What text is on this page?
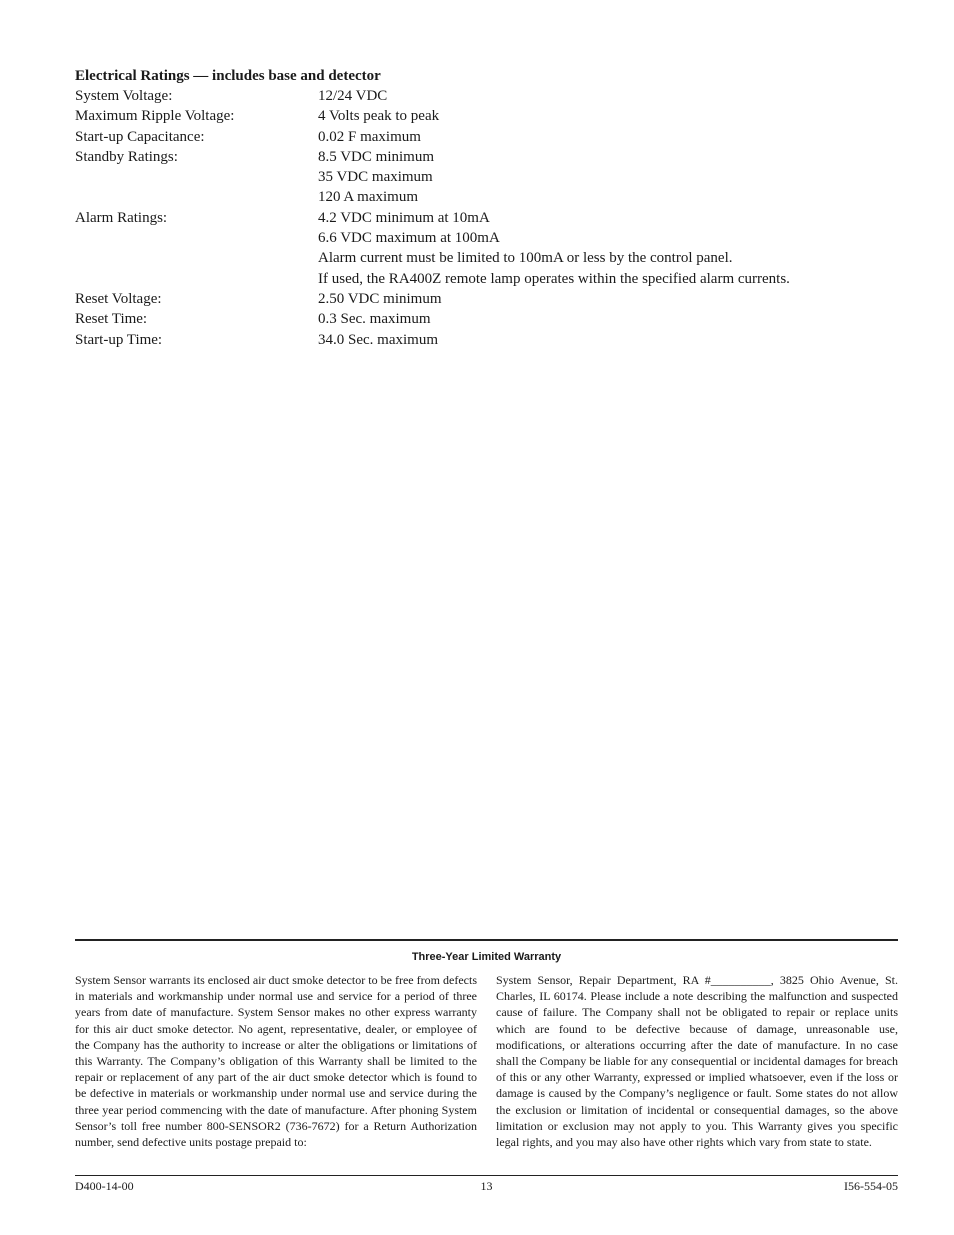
Electrical Ratings — includes base and detector

System Voltage:	12/24 VDC
Maximum Ripple Voltage:	4 Volts peak to peak
Start-up Capacitance:	0.02 F maximum
Standby Ratings:	8.5 VDC minimum
35 VDC maximum
120 A maximum
Alarm Ratings:	4.2 VDC minimum at 10mA
6.6 VDC maximum at 100mA
Alarm current must be limited to 100mA or less by the control panel.
If used, the RA400Z remote lamp operates within the specified alarm currents.
Reset Voltage:	2.50 VDC minimum
Reset Time:	0.3 Sec. maximum
Start-up Time:	34.0 Sec. maximum
Three-Year Limited Warranty
System Sensor warrants its enclosed air duct smoke detector to be free from defects in materials and workmanship under normal use and service for a period of three years from date of manufacture. System Sensor makes no other express warranty for this air duct smoke detector. No agent, representative, dealer, or employee of the Company has the authority to increase or alter the obligations or limitations of this Warranty. The Company’s obligation of this Warranty shall be limited to the repair or replacement of any part of the air duct smoke detector which is found to be defective in materials or workmanship under normal use and service during the three year period commencing with the date of manufacture. After phoning System Sensor’s toll free number 800-SENSOR2 (736-7672) for a Return Authorization number, send defective units postage prepaid to:
System Sensor, Repair Department, RA #__________, 3825 Ohio Avenue, St. Charles, IL 60174. Please include a note describing the malfunction and suspected cause of failure. The Company shall not be obligated to repair or replace units which are found to be defective because of damage, unreasonable use, modifications, or alterations occurring after the date of manufacture. In no case shall the Company be liable for any consequential or incidental damages for breach of this or any other Warranty, expressed or implied whatsoever, even if the loss or damage is caused by the Company’s negligence or fault. Some states do not allow the exclusion or limitation of incidental or consequential damages, so the above limitation or exclusion may not apply to you. This Warranty gives you specific legal rights, and you may also have other rights which vary from state to state.
D400-14-00	13	I56-554-05
